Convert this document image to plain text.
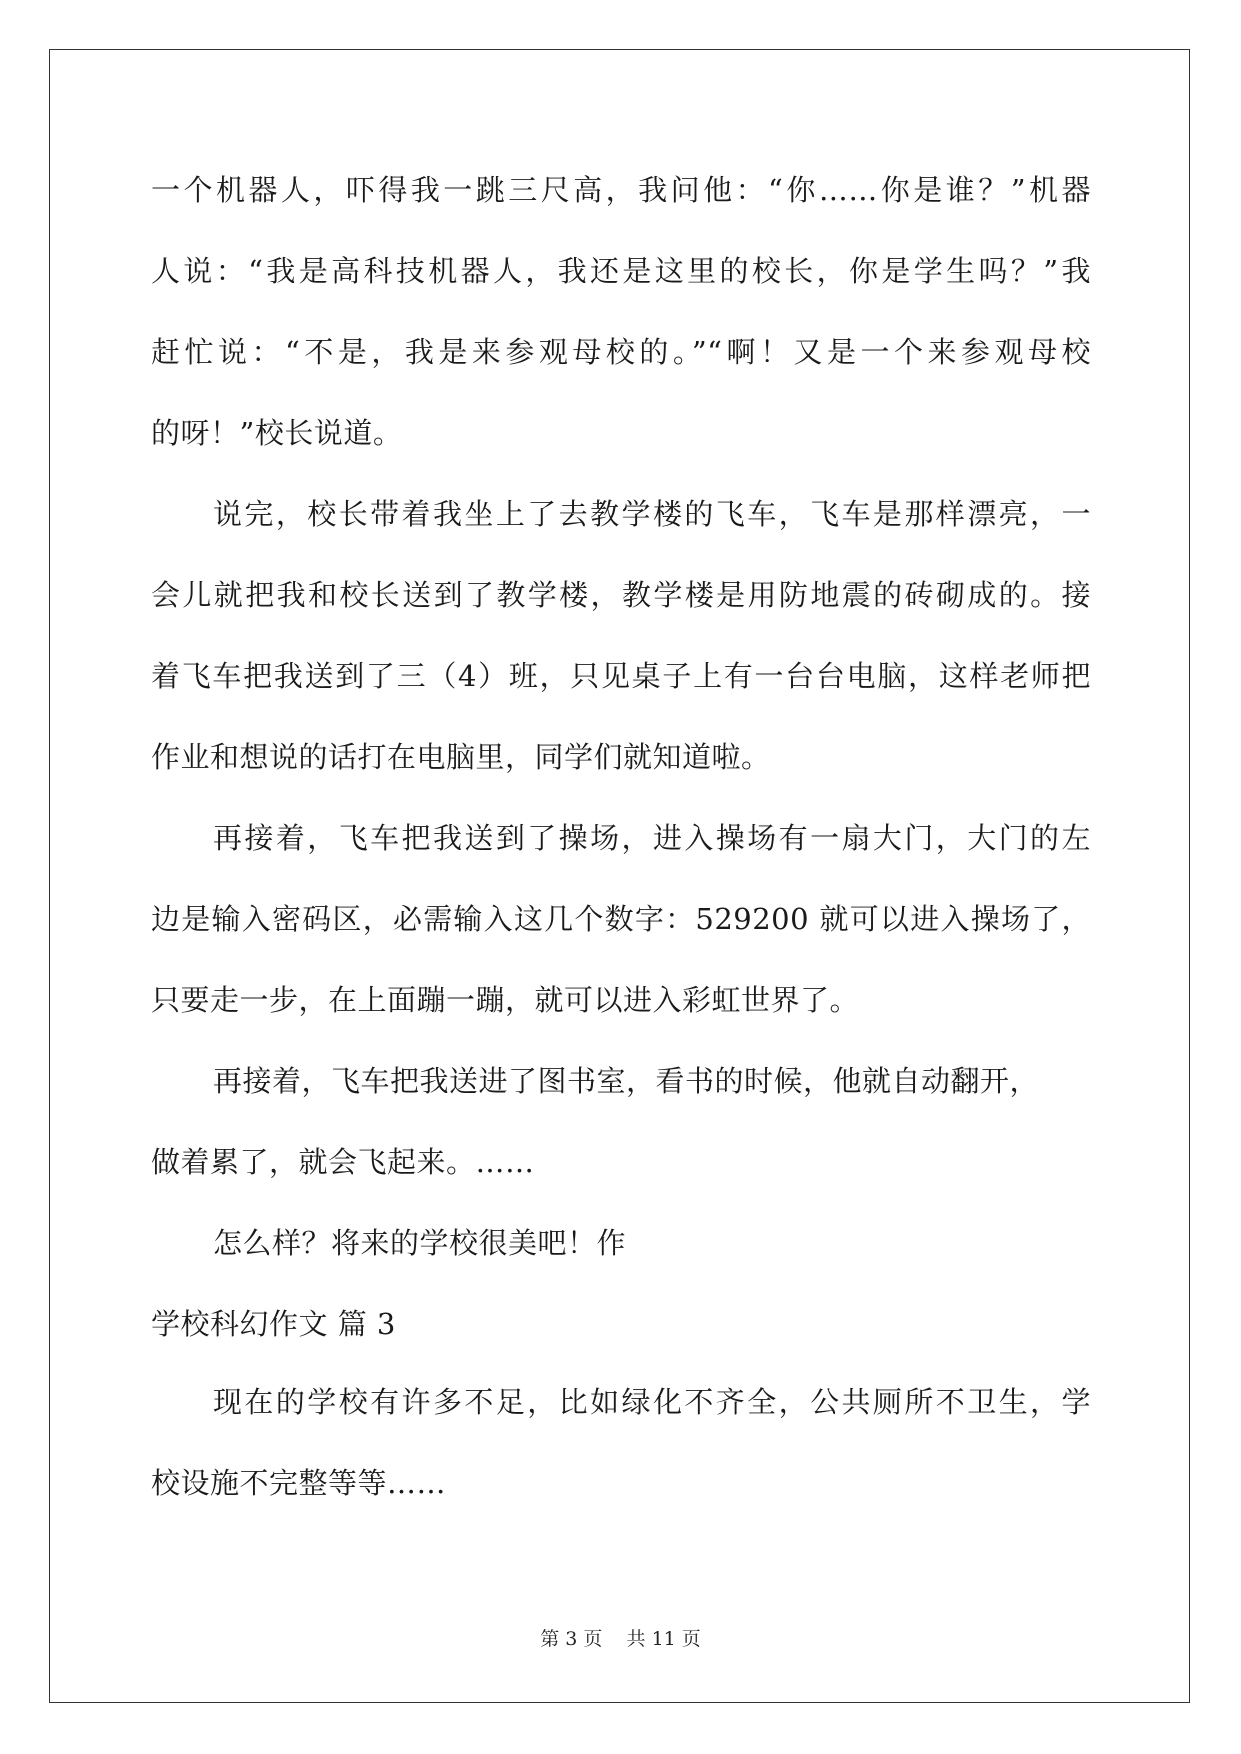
一个机器人，吓得我一跳三尺高，我问他：“你……你是谁？”机器
人说：“我是高科技机器人，我还是这里的校长，你是学生吗？”我
赶忙说：“不是，我是来参观母校的。”“啊！又是一个来参观母校
的呀！”校长说道。
说完，校长带着我坐上了去教学楼的飞车，飞车是那样漂亮，一
会儿就把我和校长送到了教学楼，教学楼是用防地震的砖砌成的。接
着飞车把我送到了三（4）班，只见桌子上有一台台电脑，这样老师把
作业和想说的话打在电脑里，同学们就知道啦。
再接着，飞车把我送到了操场，进入操场有一扇大门，大门的左
边是输入密码区，必需输入这几个数字：529200 就可以进入操场了，
只要走一步，在上面蹦一蹦，就可以进入彩虹世界了。
再接着，飞车把我送进了图书室，看书的时候，他就自动翻开，
做着累了，就会飞起来。……
怎么样？将来的学校很美吧！作
学校科幻作文 篇 3
现在的学校有许多不足，比如绿化不齐全，公共厕所不卫生，学
校设施不完整等等……
第 3 页 共 11 页
